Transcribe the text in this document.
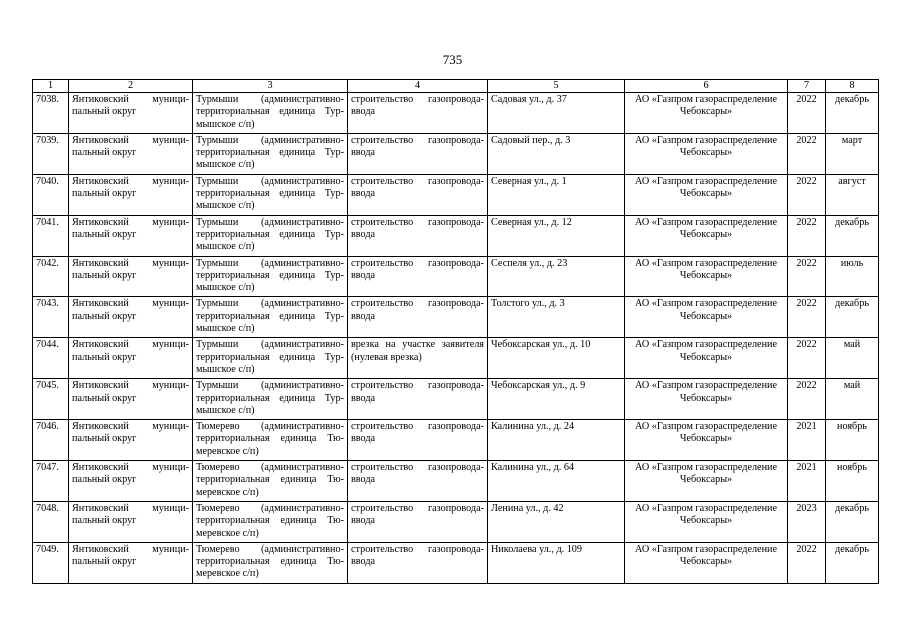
735
1	2	3	4	5	6	7	8
7038.	Янтиковский муници-
пальный округ	Турмыши (административно-
территориальная единица Тур-
мышское с/п)	строительство газопровода-
ввода	Садовая ул., д. 37	АО «Газпром газораспределение
Чебоксары»	2022	декабрь
7039.	Янтиковский муници-
пальный округ	Турмыши (административно-
территориальная единица Тур-
мышское с/п)	строительство газопровода-
ввода	Садовый пер., д. 3	АО «Газпром газораспределение
Чебоксары»	2022	март
7040.	Янтиковский муници-
пальный округ	Турмыши (административно-
территориальная единица Тур-
мышское с/п)	строительство газопровода-
ввода	Северная ул., д. 1	АО «Газпром газораспределение
Чебоксары»	2022	август
7041.	Янтиковский муници-
пальный округ	Турмыши (административно-
территориальная единица Тур-
мышское с/п)	строительство газопровода-
ввода	Северная ул., д. 12	АО «Газпром газораспределение
Чебоксары»	2022	декабрь
7042.	Янтиковский муници-
пальный округ	Турмыши (административно-
территориальная единица Тур-
мышское с/п)	строительство газопровода-
ввода	Сеспеля ул., д. 23	АО «Газпром газораспределение
Чебоксары»	2022	июль
7043.	Янтиковский муници-
пальный округ	Турмыши (административно-
территориальная единица Тур-
мышское с/п)	строительство газопровода-
ввода	Толстого ул., д. 3	АО «Газпром газораспределение
Чебоксары»	2022	декабрь
7044.	Янтиковский муници-
пальный округ	Турмыши (административно-
территориальная единица Тур-
мышское с/п)	врезка на участке заявителя
(нулевая врезка)	Чебоксарская ул., д. 10	АО «Газпром газораспределение
Чебоксары»	2022	май
7045.	Янтиковский муници-
пальный округ	Турмыши (административно-
территориальная единица Тур-
мышское с/п)	строительство газопровода-
ввода	Чебоксарская ул., д. 9	АО «Газпром газораспределение
Чебоксары»	2022	май
7046.	Янтиковский муници-
пальный округ	Тюмерево (административно-
территориальная единица Тю-
меревское с/п)	строительство газопровода-
ввода	Калинина ул., д. 24	АО «Газпром газораспределение
Чебоксары»	2021	ноябрь
7047.	Янтиковский муници-
пальный округ	Тюмерево (административно-
территориальная единица Тю-
меревское с/п)	строительство газопровода-
ввода	Калинина ул., д. 64	АО «Газпром газораспределение
Чебоксары»	2021	ноябрь
7048.	Янтиковский муници-
пальный округ	Тюмерево (административно-
территориальная единица Тю-
меревское с/п)	строительство газопровода-
ввода	Ленина ул., д. 42	АО «Газпром газораспределение
Чебоксары»	2023	декабрь
7049.	Янтиковский муници-
пальный округ	Тюмерево (административно-
территориальная единица Тю-
меревское с/п)	строительство газопровода-
ввода	Николаева ул., д. 109	АО «Газпром газораспределение
Чебоксары»	2022	декабрь
